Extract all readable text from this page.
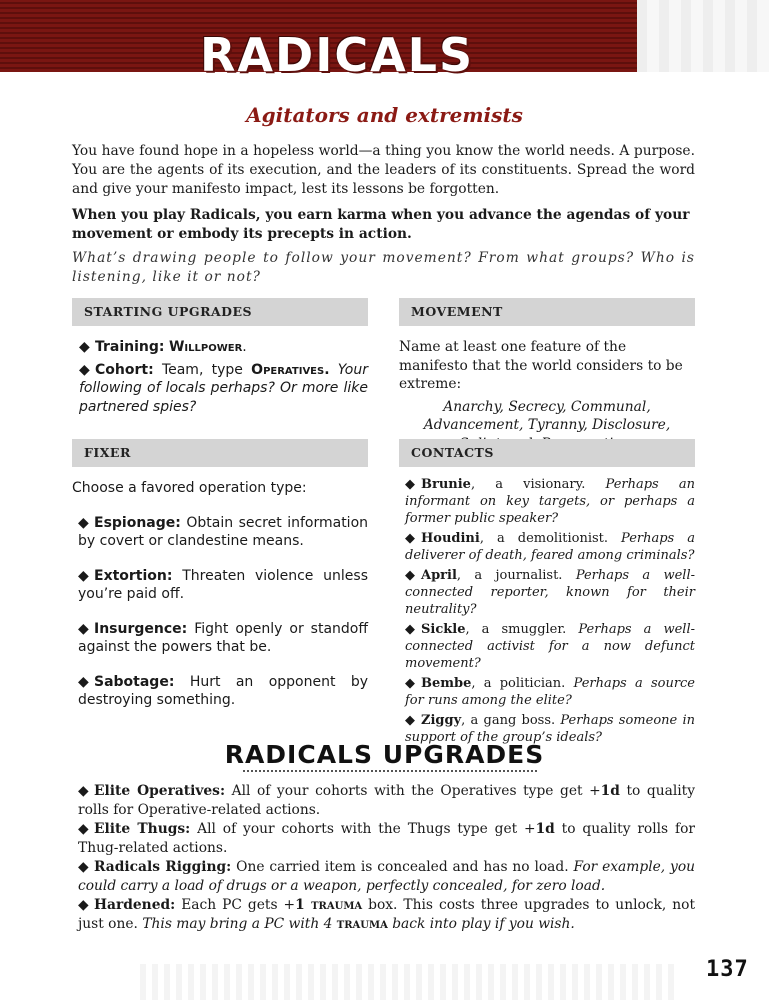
RADICALS
Agitators and extremists

You have found hope in a hopeless world—a thing you know the world needs. A purpose. You are the agents of its execution, and the leaders of its constituents. Spread the word and give your manifesto impact, lest its lessons be forgotten.

When you play Radicals, you earn karma when you advance the agendas of your movement or embody its precepts in action.

What’s drawing people to follow your movement? From what groups? Who is listening, like it or not?

STARTING UPGRADES

◆ Training: Willpower.

◆ Cohort: Team, type Operatives. Your following of locals perhaps? Or more like partnered spies?

MOVEMENT
Name at least one feature of the manifesto that the world considers to be extreme:
Anarchy, Secrecy, Communal, Advancement, Tyranny, Disclosure,
FIXER

Choose a favored operation type:

◆ Espionage: Obtain secret information by covert or clandestine means.

◆ Extortion: Threaten violence unless you’re paid off.

◆ Insurgence: Fight openly or standoff against the powers that be.

◆ Sabotage: Hurt an opponent by destroying something.

CONTACTS

◆ Brunie, a visionary. Perhaps an informant on key targets, or perhaps a former public speaker?

◆ Houdini, a demolitionist. Perhaps a deliverer of death, feared among criminals?

◆ April, a journalist. Perhaps a well-connected reporter, known for their neutrality?

◆ Sickle, a smuggler. Perhaps a well-connected activist for a now defunct movement?

◆ Bembe, a politician. Perhaps a source for runs among the elite?

◆ Ziggy, a gang boss. Perhaps someone in support of the group’s ideals?

RADICALS UPGRADES

◆ Elite Operatives: All of your cohorts with the Operatives type get +1d to quality rolls for Operative-related actions.

◆ Elite Thugs: All of your cohorts with the Thugs type get +1d to quality rolls for Thug-related actions.

◆ Radicals Rigging: One carried item is concealed and has no load. For example, you could carry a load of drugs or a weapon, perfectly concealed, for zero load.

◆ Hardened: Each PC gets +1 trauma box. This costs three upgrades to unlock, not just one. This may bring a PC with 4 trauma back into play if you wish.

137
